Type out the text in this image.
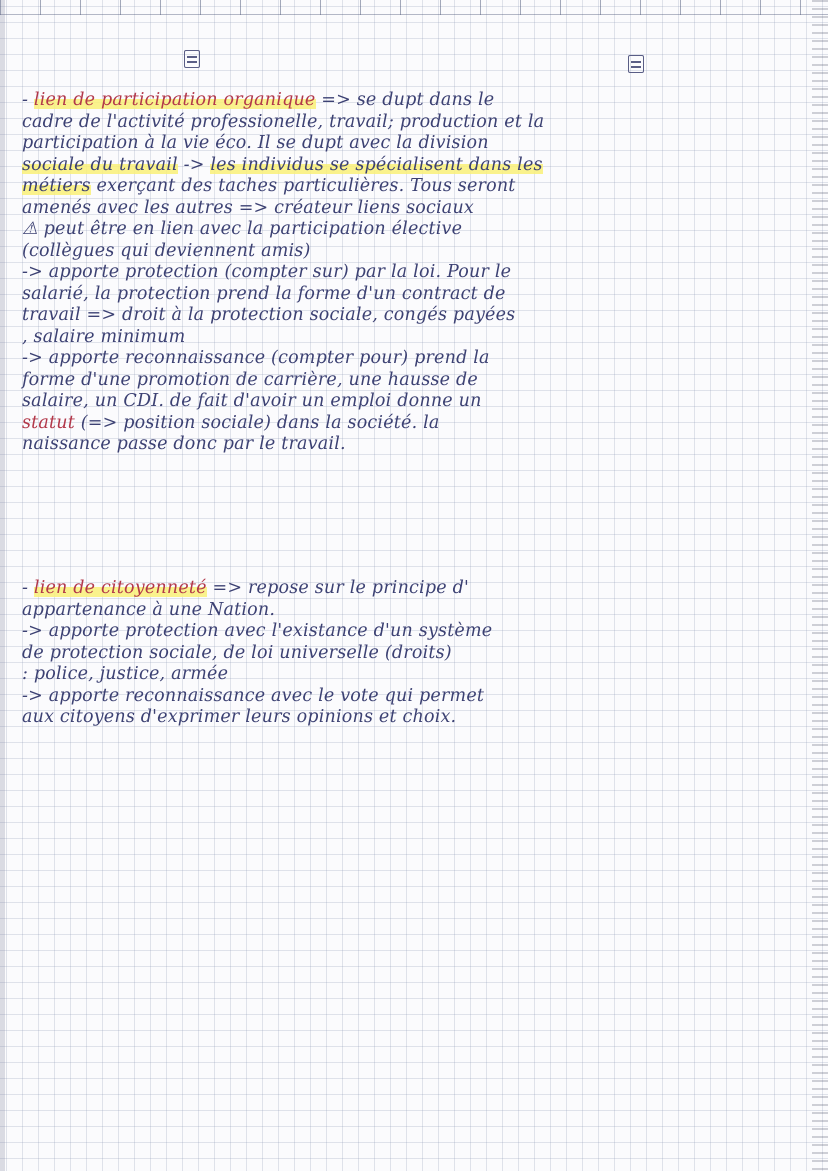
- lien de participation organique => se dupt dans le
cadre de l'activité professionelle, travail; production et la
participation à la vie éco. Il se dupt avec la division
sociale du travail -> les individus se spécialisent dans les
métiers exerçant des taches particulières. Tous seront
amenés avec les autres => créateur liens sociaux
⚠ peut être en lien avec la participation élective
(collègues qui deviennent amis)
-> apporte protection (compter sur) par la loi. Pour le
salarié, la protection prend la forme d'un contract de
travail => droit à la protection sociale, congés payées
, salaire minimum
-> apporte reconnaissance (compter pour) prend la
forme d'une promotion de carrière, une hausse de
salaire, un CDI. de fait d'avoir un emploi donne un
statut (=> position sociale) dans la société. la
naissance passe donc par le travail.
- lien de citoyenneté => repose sur le principe d'
appartenance à une Nation.
-> apporte protection avec l'existance d'un système
de protection sociale, de loi universelle (droits)
: police, justice, armée
-> apporte reconnaissance avec le vote qui permet
aux citoyens d'exprimer leurs opinions et choix.
